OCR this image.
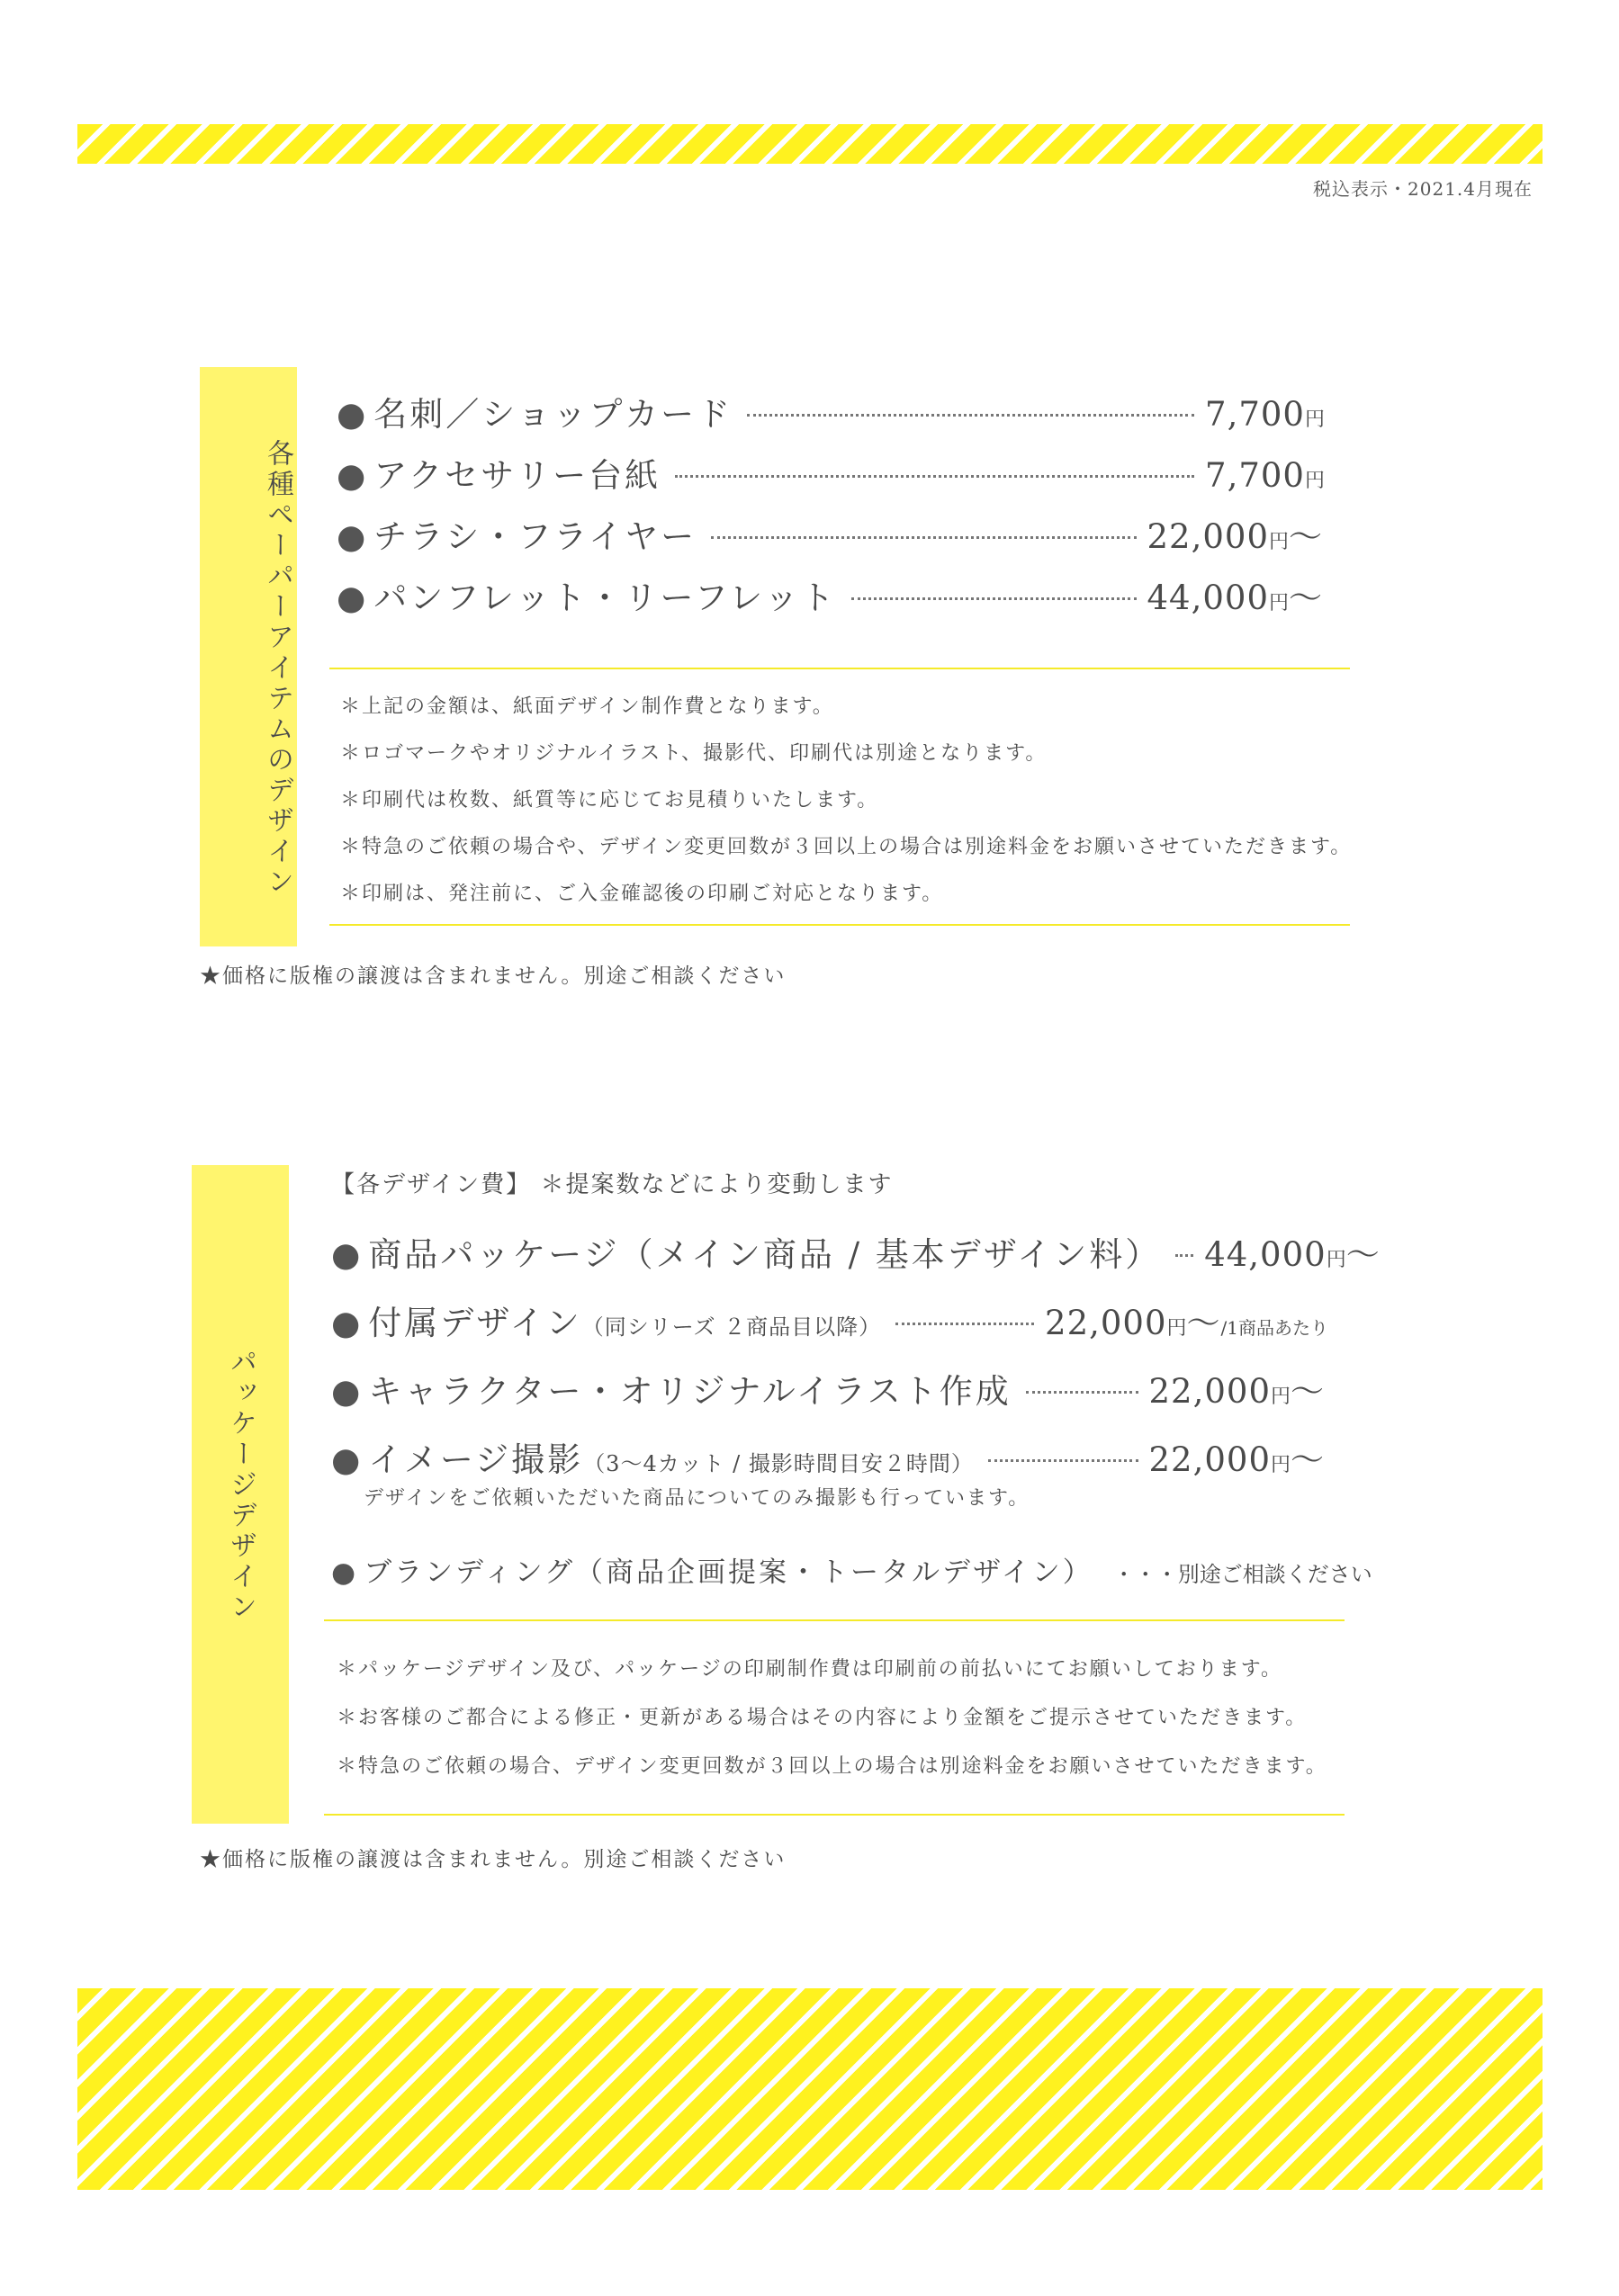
税込表示・2021.4月現在
各種ペーパーアイテムのデザイン
● 名刺／ショップカード	7,700 円
● アクセサリー台紙	7,700 円
● チラシ・フライヤー	22,000 円 〜
● パンフレット・リーフレット	44,000 円 〜
＊上記の金額は、紙面デザイン制作費となります。
＊ロゴマークやオリジナルイラスト、撮影代、印刷代は別途となります。
＊印刷代は枚数、紙質等に応じてお見積りいたします。
＊特急のご依頼の場合や、デザイン変更回数が３回以上の場合は別途料金をお願いさせていただきます。
＊印刷は、発注前に、ご入金確認後の印刷ご対応となります。
★価格に版権の譲渡は含まれません。別途ご相談ください
パッケージデザイン
【各デザイン費】 ＊提案数などにより変動します
● 商品パッケージ（メイン商品 / 基本デザイン料） 44,000 円 〜
● 付属デザイン （同シリーズ ２商品目以降）	22,000 円 〜 /1商品あたり
● キャラクター・オリジナルイラスト作成	22,000 円 〜
● イメージ撮影 （3〜4カット / 撮影時間目安２時間）	22,000 円 〜
デザインをご依頼いただいた商品についてのみ撮影も行っています。
● ブランディング（商品企画提案・トータルデザイン） ・・・別途ご相談ください
＊パッケージデザイン及び、パッケージの印刷制作費は印刷前の前払いにてお願いしております。
＊お客様のご都合による修正・更新がある場合はその内容により金額をご提示させていただきます。
＊特急のご依頼の場合、デザイン変更回数が３回以上の場合は別途料金をお願いさせていただきます。
★価格に版権の譲渡は含まれません。別途ご相談ください
